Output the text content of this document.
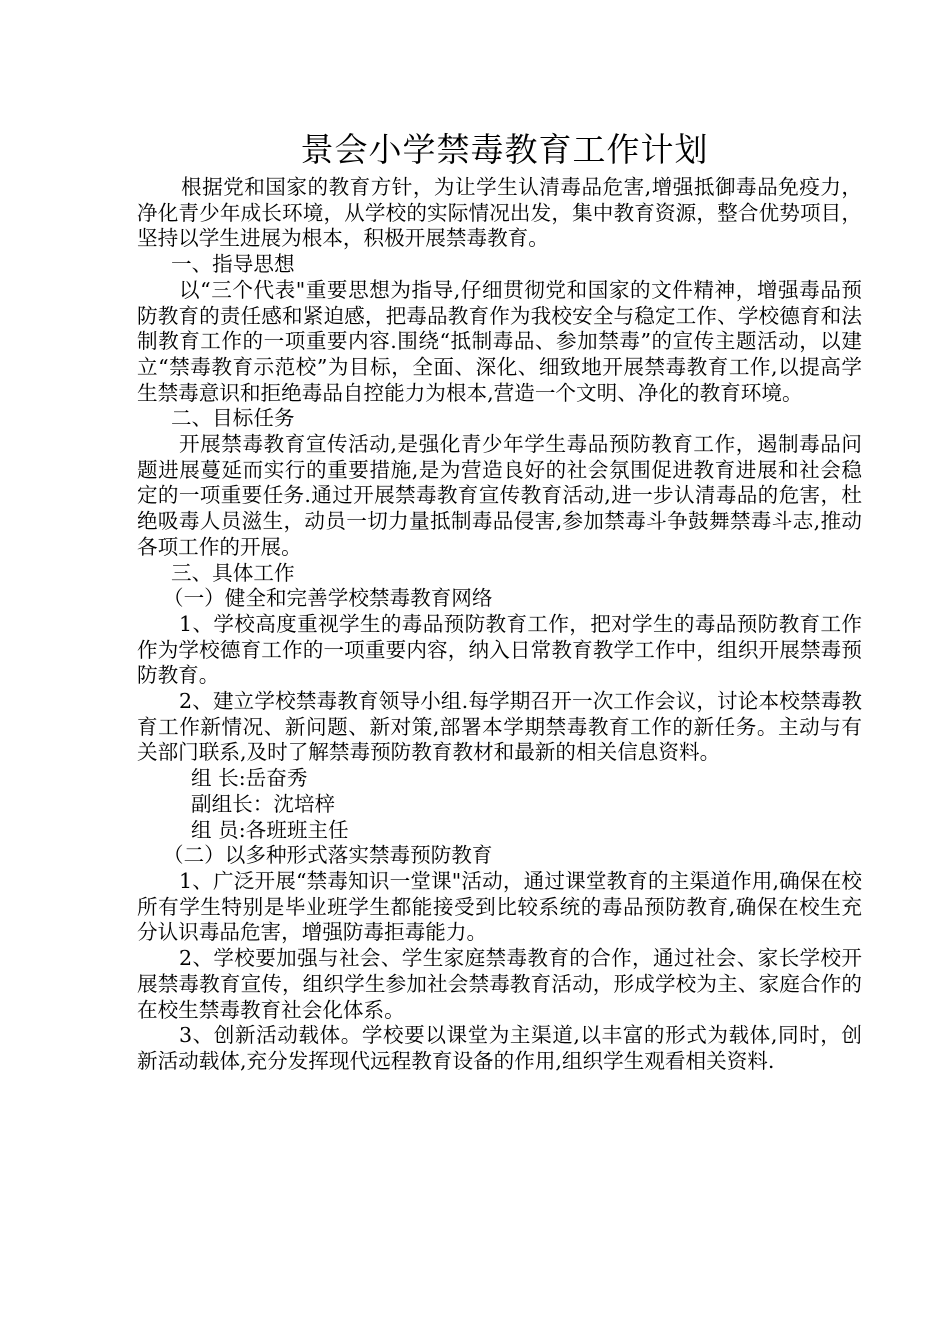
景会小学禁毒教育工作计划

根据党和国家的教育方针，为让学生认清毒品危害,增强抵御毒品免疫力，净化青少年成长环境，从学校的实际情况出发，集中教育资源，整合优势项目，坚持以学生进展为根本，积极开展禁毒教育。

一、指导思想

以“三个代表"重要思想为指导,仔细贯彻党和国家的文件精神，增强毒品预防教育的责任感和紧迫感，把毒品教育作为我校安全与稳定工作、学校德育和法制教育工作的一项重要内容.围绕“抵制毒品、参加禁毒”的宣传主题活动，以建立“禁毒教育示范校”为目标，全面、深化、细致地开展禁毒教育工作,以提高学生禁毒意识和拒绝毒品自控能力为根本,营造一个文明、净化的教育环境。

二、目标任务

开展禁毒教育宣传活动,是强化青少年学生毒品预防教育工作，遏制毒品问题进展蔓延而实行的重要措施,是为营造良好的社会氛围促进教育进展和社会稳定的一项重要任务.通过开展禁毒教育宣传教育活动,进一步认清毒品的危害，杜绝吸毒人员滋生，动员一切力量抵制毒品侵害,参加禁毒斗争鼓舞禁毒斗志,推动各项工作的开展。

三、具体工作

（一）健全和完善学校禁毒教育网络

1、学校高度重视学生的毒品预防教育工作，把对学生的毒品预防教育工作作为学校德育工作的一项重要内容，纳入日常教育教学工作中，组织开展禁毒预防教育。

2、建立学校禁毒教育领导小组.每学期召开一次工作会议，讨论本校禁毒教育工作新情况、新问题、新对策,部署本学期禁毒教育工作的新任务。主动与有关部门联系,及时了解禁毒预防教育教材和最新的相关信息资料。

组 长:岳奋秀

副组长：沈培梓

组 员:各班班主任

（二）以多种形式落实禁毒预防教育

1、广泛开展“禁毒知识一堂课"活动，通过课堂教育的主渠道作用,确保在校所有学生特别是毕业班学生都能接受到比较系统的毒品预防教育,确保在校生充分认识毒品危害，增强防毒拒毒能力。

2、学校要加强与社会、学生家庭禁毒教育的合作，通过社会、家长学校开展禁毒教育宣传，组织学生参加社会禁毒教育活动，形成学校为主、家庭合作的在校生禁毒教育社会化体系。

3、创新活动载体。学校要以课堂为主渠道,以丰富的形式为载体,同时，创新活动载体,充分发挥现代远程教育设备的作用,组织学生观看相关资料.
